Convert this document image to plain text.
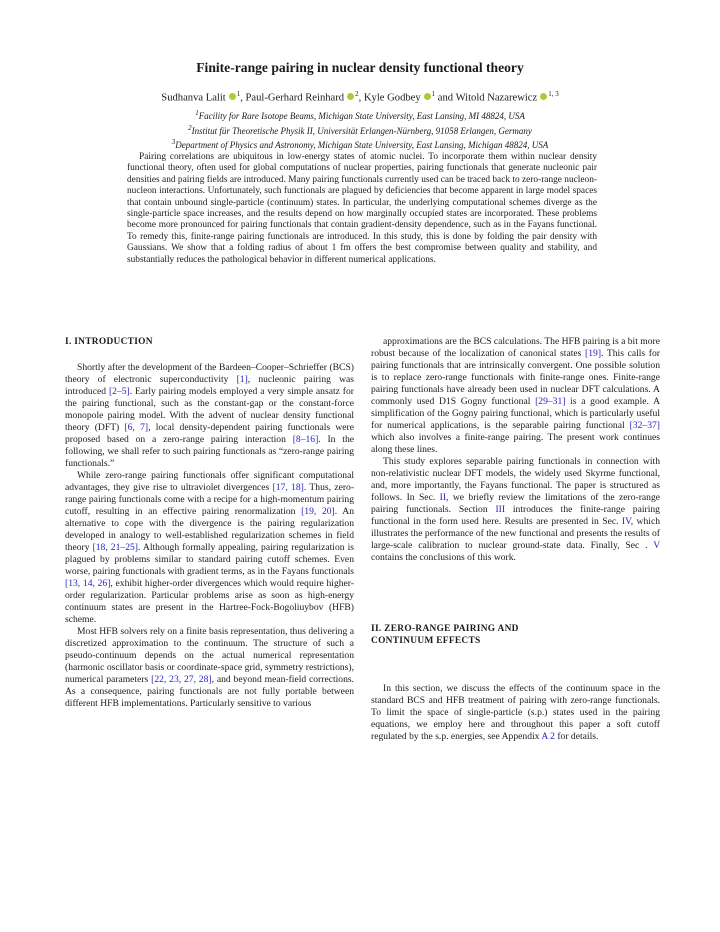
Finite-range pairing in nuclear density functional theory
Sudhanva Lalit $^1$, Paul-Gerhard Reinhard $^2$, Kyle Godbey $^1$ and Witold Nazarewicz $^{1, 3}$
$^1$Facility for Rare Isotope Beams, Michigan State University, East Lansing, MI 48824, USA
$^2$Institut für Theoretische Physik II, Universität Erlangen-Nürnberg, 91058 Erlangen, Germany
$^3$Department of Physics and Astronomy, Michigan State University, East Lansing, Michigan 48824, USA

Pairing correlations are ubiquitous in low-energy states of atomic nuclei. To incorporate them within nuclear density functional theory, often used for global computations of nuclear properties, pairing functionals that generate nucleonic pair densities and pairing fields are introduced. Many pairing functionals currently used can be traced back to zero-range nucleon-nucleon interactions. Unfortunately, such functionals are plagued by deficiencies that become apparent in large model spaces that contain unbound single-particle (continuum) states. In particular, the underlying computational schemes diverge as the single-particle space increases, and the results depend on how marginally occupied states are incorporated. These problems become more pronounced for pairing functionals that contain gradient-density dependence, such as in the Fayans functional. To remedy this, finite-range pairing functionals are introduced. In this study, this is done by folding the pair density with Gaussians. We show that a folding radius of about 1 fm offers the best compromise between quality and stability, and substantially reduces the pathological behavior in different numerical applications.

I. INTRODUCTION

Shortly after the development of the Bardeen–Cooper–Schrieffer (BCS) theory of electronic superconductivity [1], nucleonic pairing was introduced [2–5]. Early pairing models employed a very simple ansatz for the pairing functional, such as the constant-gap or the constant-force monopole pairing model. With the advent of nuclear density functional theory (DFT) [6, 7], local density-dependent pairing functionals were proposed based on a zero-range pairing interaction [8–16]. In the following, we shall refer to such pairing functionals as “zero-range pairing functionals.”

While zero-range pairing functionals offer significant computational advantages, they give rise to ultraviolet divergences [17, 18]. Thus, zero-range pairing functionals come with a recipe for a high-momentum pairing cutoff, resulting in an effective pairing renormalization [19, 20]. An alternative to cope with the divergence is the pairing regularization developed in analogy to well-established regularization schemes in field theory [18, 21–25]. Although formally appealing, pairing regularization is plagued by problems similar to standard pairing cutoff schemes. Even worse, pairing functionals with gradient terms, as in the Fayans functionals [13, 14, 26], exhibit higher-order divergences which would require higher-order regularization. Particular problems arise as soon as high-energy continuum states are present in the Hartree-Fock-Bogoliuybov (HFB) scheme.

Most HFB solvers rely on a finite basis representation, thus delivering a discretized approximation to the continuum. The structure of such a pseudo-continuum depends on the actual numerical representation (harmonic oscillator basis or coordinate-space grid, symmetry restrictions), numerical parameters [22, 23, 27, 28], and beyond mean-field corrections. As a consequence, pairing functionals are not fully portable between different HFB implementations. Particularly sensitive to various

approximations are the BCS calculations. The HFB pairing is a bit more robust because of the localization of canonical states [19]. This calls for pairing functionals that are intrinsically convergent. One possible solution is to replace zero-range functionals with finite-range ones. Finite-range pairing functionals have already been used in nuclear DFT calculations. A commonly used D1S Gogny functional [29–31] is a good example. A simplification of the Gogny pairing functional, which is particularly useful for numerical applications, is the separable pairing functional [32–37] which also involves a finite-range pairing. The present work continues along these lines.

This study explores separable pairing functionals in connection with non-relativistic nuclear DFT models, the widely used Skyrme functional, and, more importantly, the Fayans functional. The paper is structured as follows. In Sec. II, we briefly review the limitations of the zero-range pairing functionals. Section III introduces the finite-range pairing functional in the form used here. Results are presented in Sec. IV, which illustrates the performance of the new functional and presents the results of large-scale calibration to nuclear ground-state data. Finally, Sec . V contains the conclusions of this work.

II. ZERO-RANGE PAIRING AND
CONTINUUM EFFECTS

In this section, we discuss the effects of the continuum space in the standard BCS and HFB treatment of pairing with zero-range functionals. To limit the space of single-particle (s.p.) states used in the pairing equations, we employ here and throughout this paper a soft cutoff regulated by the s.p. energies, see Appendix A 2 for details.
